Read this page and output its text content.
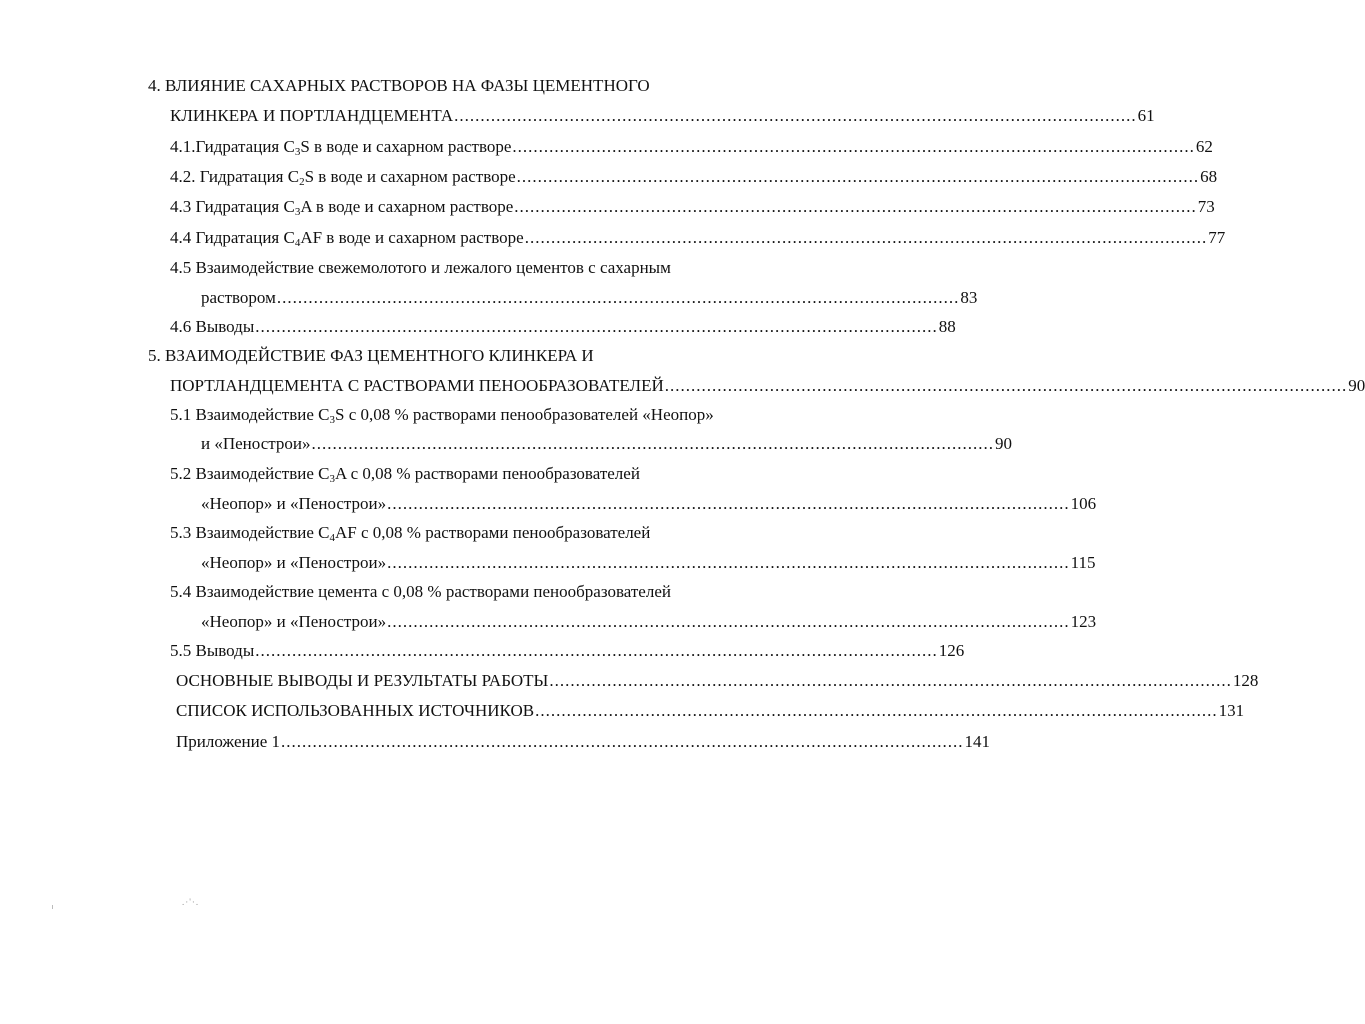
4. ВЛИЯНИЕ САХАРНЫХ РАСТВОРОВ НА ФАЗЫ ЦЕМЕНТНОГО
КЛИНКЕРА И ПОРТЛАНДЦЕМЕНТА .................................................................................................................................. 61
4.1.Гидратация $C_3S$ в воде и сахарном растворе .................................................................................................................................. 62
4.2. Гидратация $C_2S$ в воде и сахарном растворе .................................................................................................................................. 68
4.3 Гидратация $C_3A$ в воде и сахарном растворе .................................................................................................................................. 73
4.4 Гидратация $C_4AF$ в воде и сахарном растворе .................................................................................................................................. 77
4.5 Взаимодействие свежемолотого и лежалого цементов с сахарным
раствором .................................................................................................................................. 83
4.6 Выводы .................................................................................................................................. 88
5. ВЗАИМОДЕЙСТВИЕ ФАЗ ЦЕМЕНТНОГО КЛИНКЕРА И
ПОРТЛАНДЦЕМЕНТА С РАСТВОРАМИ ПЕНООБРАЗОВАТЕЛЕЙ .................................................................................................................................. 90
5.1 Взаимодействие $C_3S$ с 0,08 % растворами пенообразователей «Неопор»
и «Пенострои» .................................................................................................................................. 90
5.2 Взаимодействие $C_3A$ с 0,08 % растворами пенообразователей
«Неопор» и «Пенострои» .................................................................................................................................. 106
5.3 Взаимодействие $C_4AF$ с 0,08 % растворами пенообразователей
«Неопор» и «Пенострои» .................................................................................................................................. 115
5.4 Взаимодействие цемента с 0,08 % растворами пенообразователей
«Неопор» и «Пенострои» .................................................................................................................................. 123
5.5 Выводы .................................................................................................................................. 126
ОСНОВНЫЕ ВЫВОДЫ И РЕЗУЛЬТАТЫ РАБОТЫ .................................................................................................................................. 128
СПИСОК ИСПОЛЬЗОВАННЫХ ИСТОЧНИКОВ .................................................................................................................................. 131
Приложение 1 .................................................................................................................................. 141
.·'·.
